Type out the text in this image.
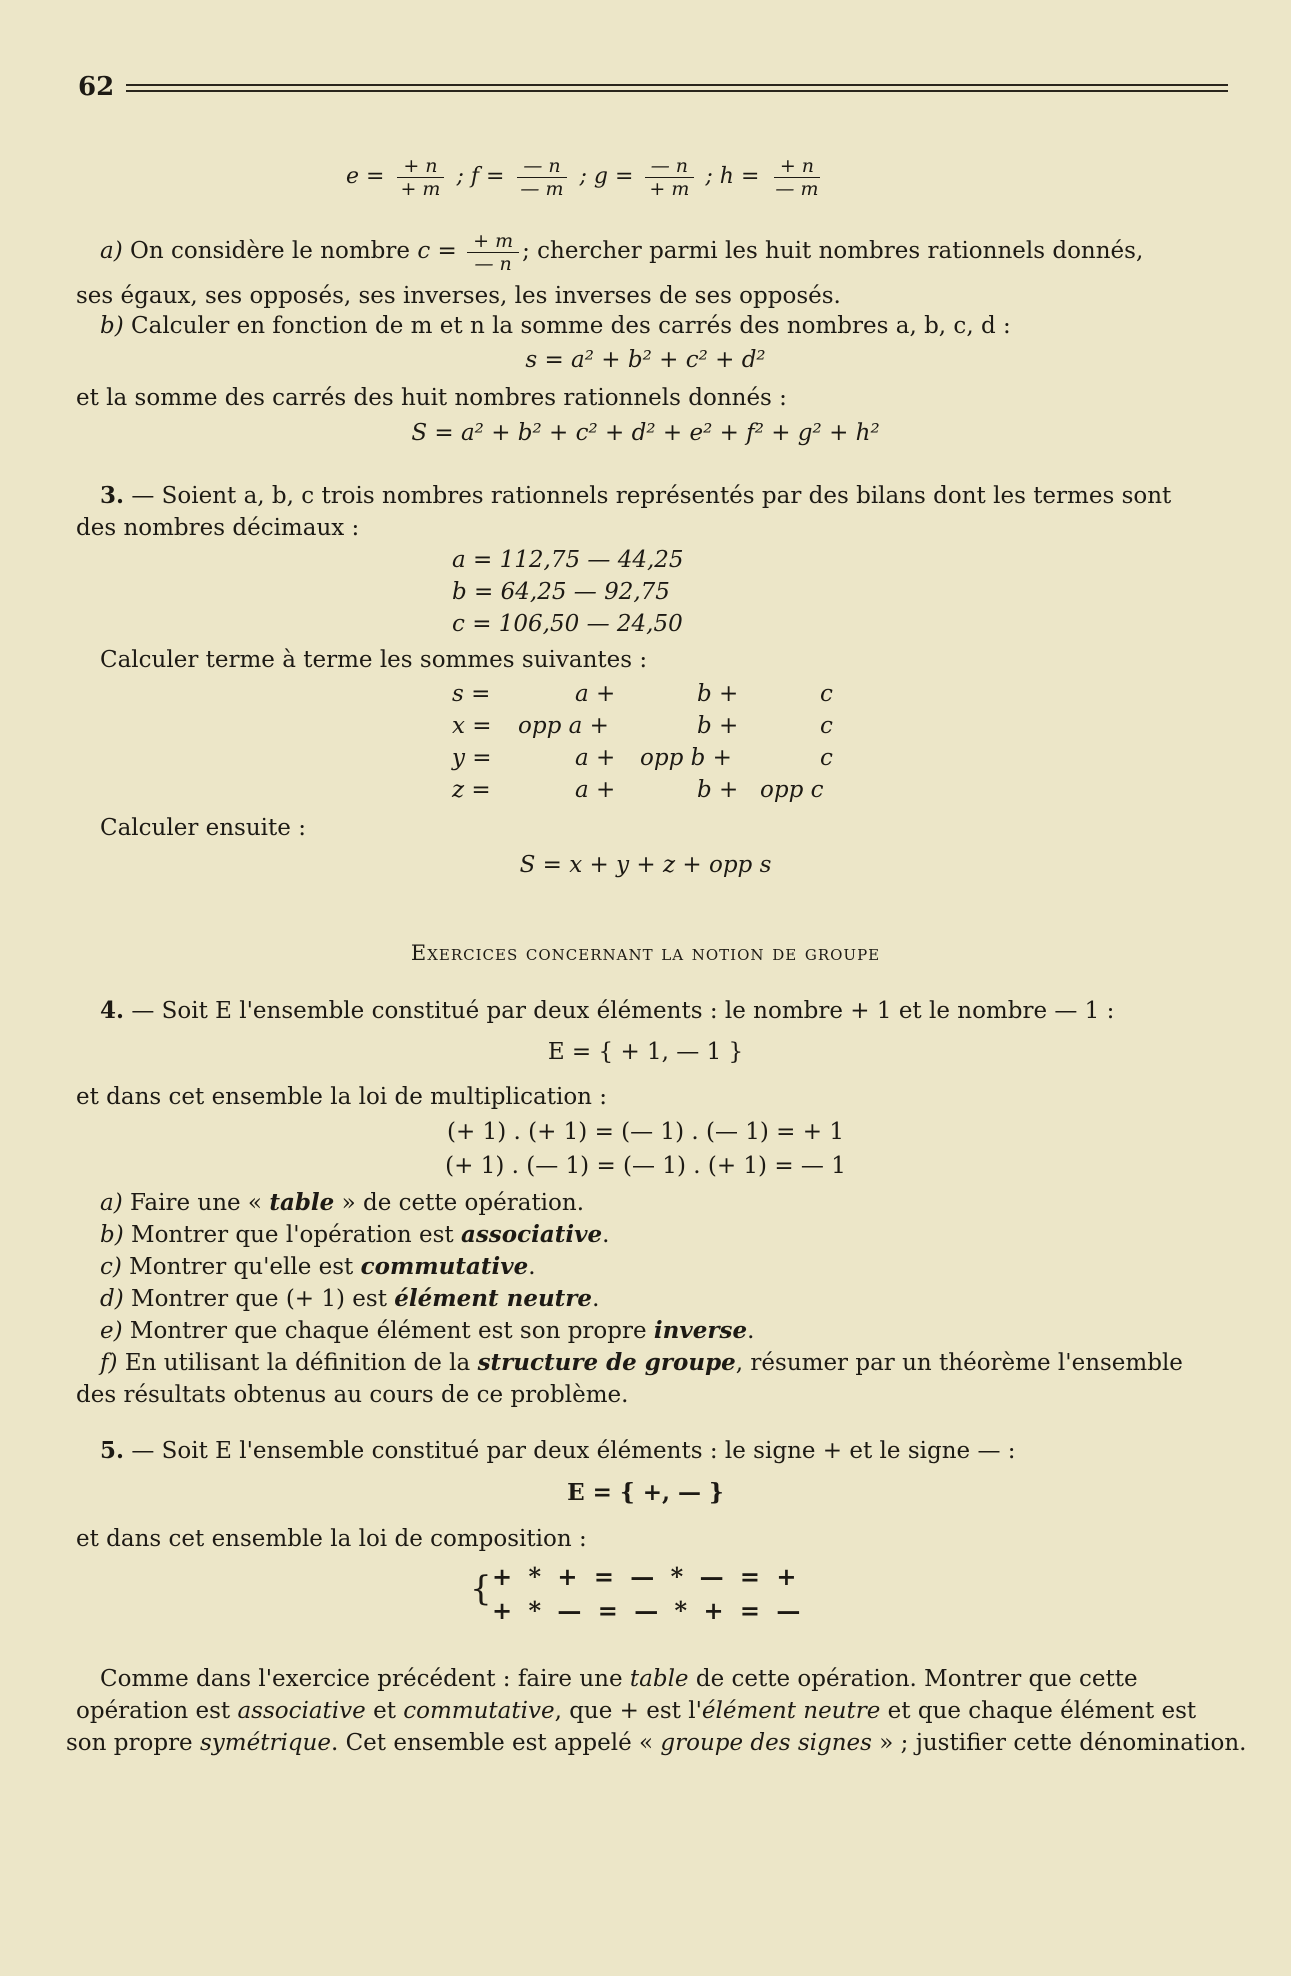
62
$e = \frac{+ n}{+ m}$ ; $f = \frac{— n}{— m}$ ; $g = \frac{— n}{+ m}$ ; $h = \frac{+ n}{— m}$
a) On considère le nombre $c = \frac{+ m}{— n}$ ; chercher parmi les huit nombres rationnels donnés,
ses égaux, ses opposés, ses inverses, les inverses de ses opposés.
b) Calculer en fonction de m et n la somme des carrés des nombres a, b, c, d :
s = a² + b² + c² + d²
et la somme des carrés des huit nombres rationnels donnés :
S = a² + b² + c² + d² + e² + f² + g² + h²
3. — Soient a, b, c trois nombres rationnels représentés par des bilans dont les termes sont
des nombres décimaux :
a = 112,75 — 44,25
b = 64,25 — 92,75
c = 106,50 — 24,50
Calculer terme à terme les sommes suivantes :
s =	a +	b +	c
x = opp a +	b +	c
y =	a + opp b +	c
z =	a +	b + opp c
Calculer ensuite :
S = x + y + z + opp s
Exercices concernant la notion de groupe
4. — Soit E l'ensemble constitué par deux éléments : le nombre + 1 et le nombre — 1 :
E = { + 1, — 1 }
et dans cet ensemble la loi de multiplication :
(+ 1) . (+ 1) = (— 1) . (— 1) = + 1
(+ 1) . (— 1) = (— 1) . (+ 1) = — 1
a) Faire une « table » de cette opération.
b) Montrer que l'opération est associative.
c) Montrer qu'elle est commutative.
d) Montrer que (+ 1) est élément neutre.
e) Montrer que chaque élément est son propre inverse.
f) En utilisant la définition de la structure de groupe, résumer par un théorème l'ensemble
des résultats obtenus au cours de ce problème.
5. — Soit E l'ensemble constitué par deux éléments : le signe + et le signe — :
E = { +, — }
et dans cet ensemble la loi de composition :
{ + * + = — * — = +
+ * — = — * + = —
Comme dans l'exercice précédent : faire une table de cette opération. Montrer que cette
opération est associative et commutative, que + est l'élément neutre et que chaque élément est
son propre symétrique. Cet ensemble est appelé « groupe des signes » ; justifier cette dénomination.
